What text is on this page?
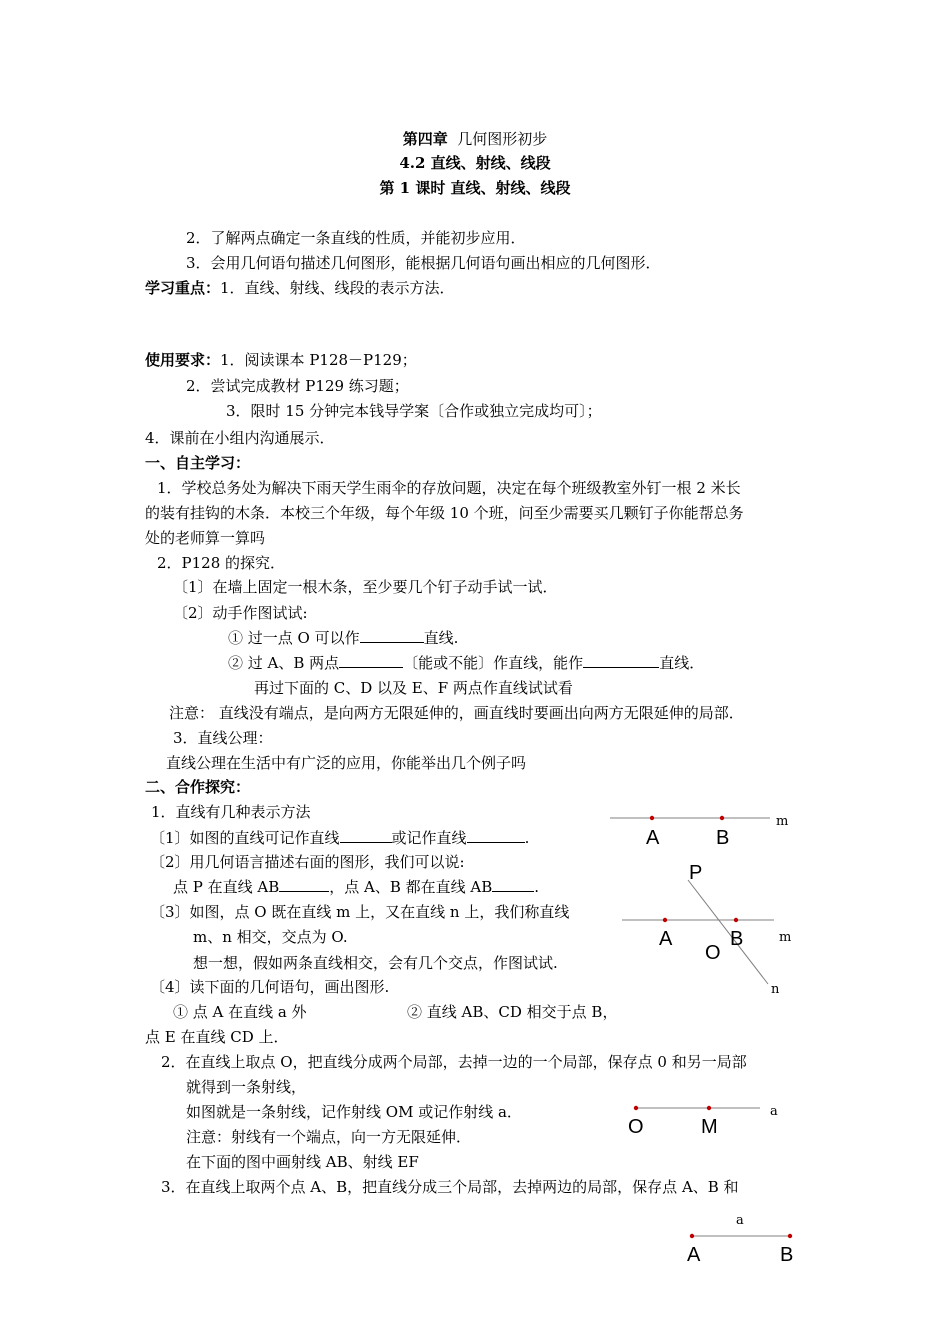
第四章 几何图形初步
4.2 直线、射线、线段
第 1 课时 直线、射线、线段
2．了解两点确定一条直线的性质，并能初步应用．
3．会用几何语句描述几何图形，能根据几何语句画出相应的几何图形．
学习重点：1．直线、射线、线段的表示方法．
使用要求：1．阅读课本 P128－P129；
2．尝试完成教材 P129 练习题；
3．限时 15 分钟完本钱导学案〔合作或独立完成均可〕；
4．课前在小组内沟通展示．
一、自主学习：
1．学校总务处为解决下雨天学生雨伞的存放问题，决定在每个班级教室外钉一根 2 米长
的装有挂钩的木条．本校三个年级，每个年级 10 个班，问至少需要买几颗钉子你能帮总务
处的老师算一算吗
2．P128 的探究．
〔1〕在墙上固定一根木条，至少要几个钉子动手试一试．
〔2〕动手作图试试:
① 过一点 O 可以作	直线.
② 过 A、B 两点	〔能或不能〕作直线，能作	直线．
再过下面的 C、D 以及 E、F 两点作直线试试看
注意： 直线没有端点，是向两方无限延伸的，画直线时要画出向两方无限延伸的局部．
3．直线公理：
直线公理在生活中有广泛的应用，你能举出几个例子吗
二、合作探究：
1．直线有几种表示方法
〔1〕如图的直线可记作直线	或记作直线	.
〔2〕用几何语言描述右面的图形，我们可以说:
点 P 在直线 AB	，点 A、B 都在直线 AB	.
〔3〕如图，点 O 既在直线 m 上，又在直线 n 上，我们称直线
m、n 相交，交点为 O.
想一想，假如两条直线相交，会有几个交点，作图试试.
〔4〕读下面的几何语句，画出图形.
① 点 A 在直线 a 外	② 直线 AB、CD 相交于点 B，
点 E 在直线 CD 上．
2．在直线上取点 O，把直线分成两个局部，去掉一边的一个局部，保存点 0 和另一局部
就得到一条射线，
如图就是一条射线，记作射线 OM 或记作射线 a．
注意：射线有一个端点，向一方无限延伸．
在下面的图中画射线 AB、射线 EF
3．在直线上取两个点 A、B，把直线分成三个局部，去掉两边的局部，保存点 A、B 和
A	B
m
P
A	B
O
m
n
O	M
a
a
A	B
